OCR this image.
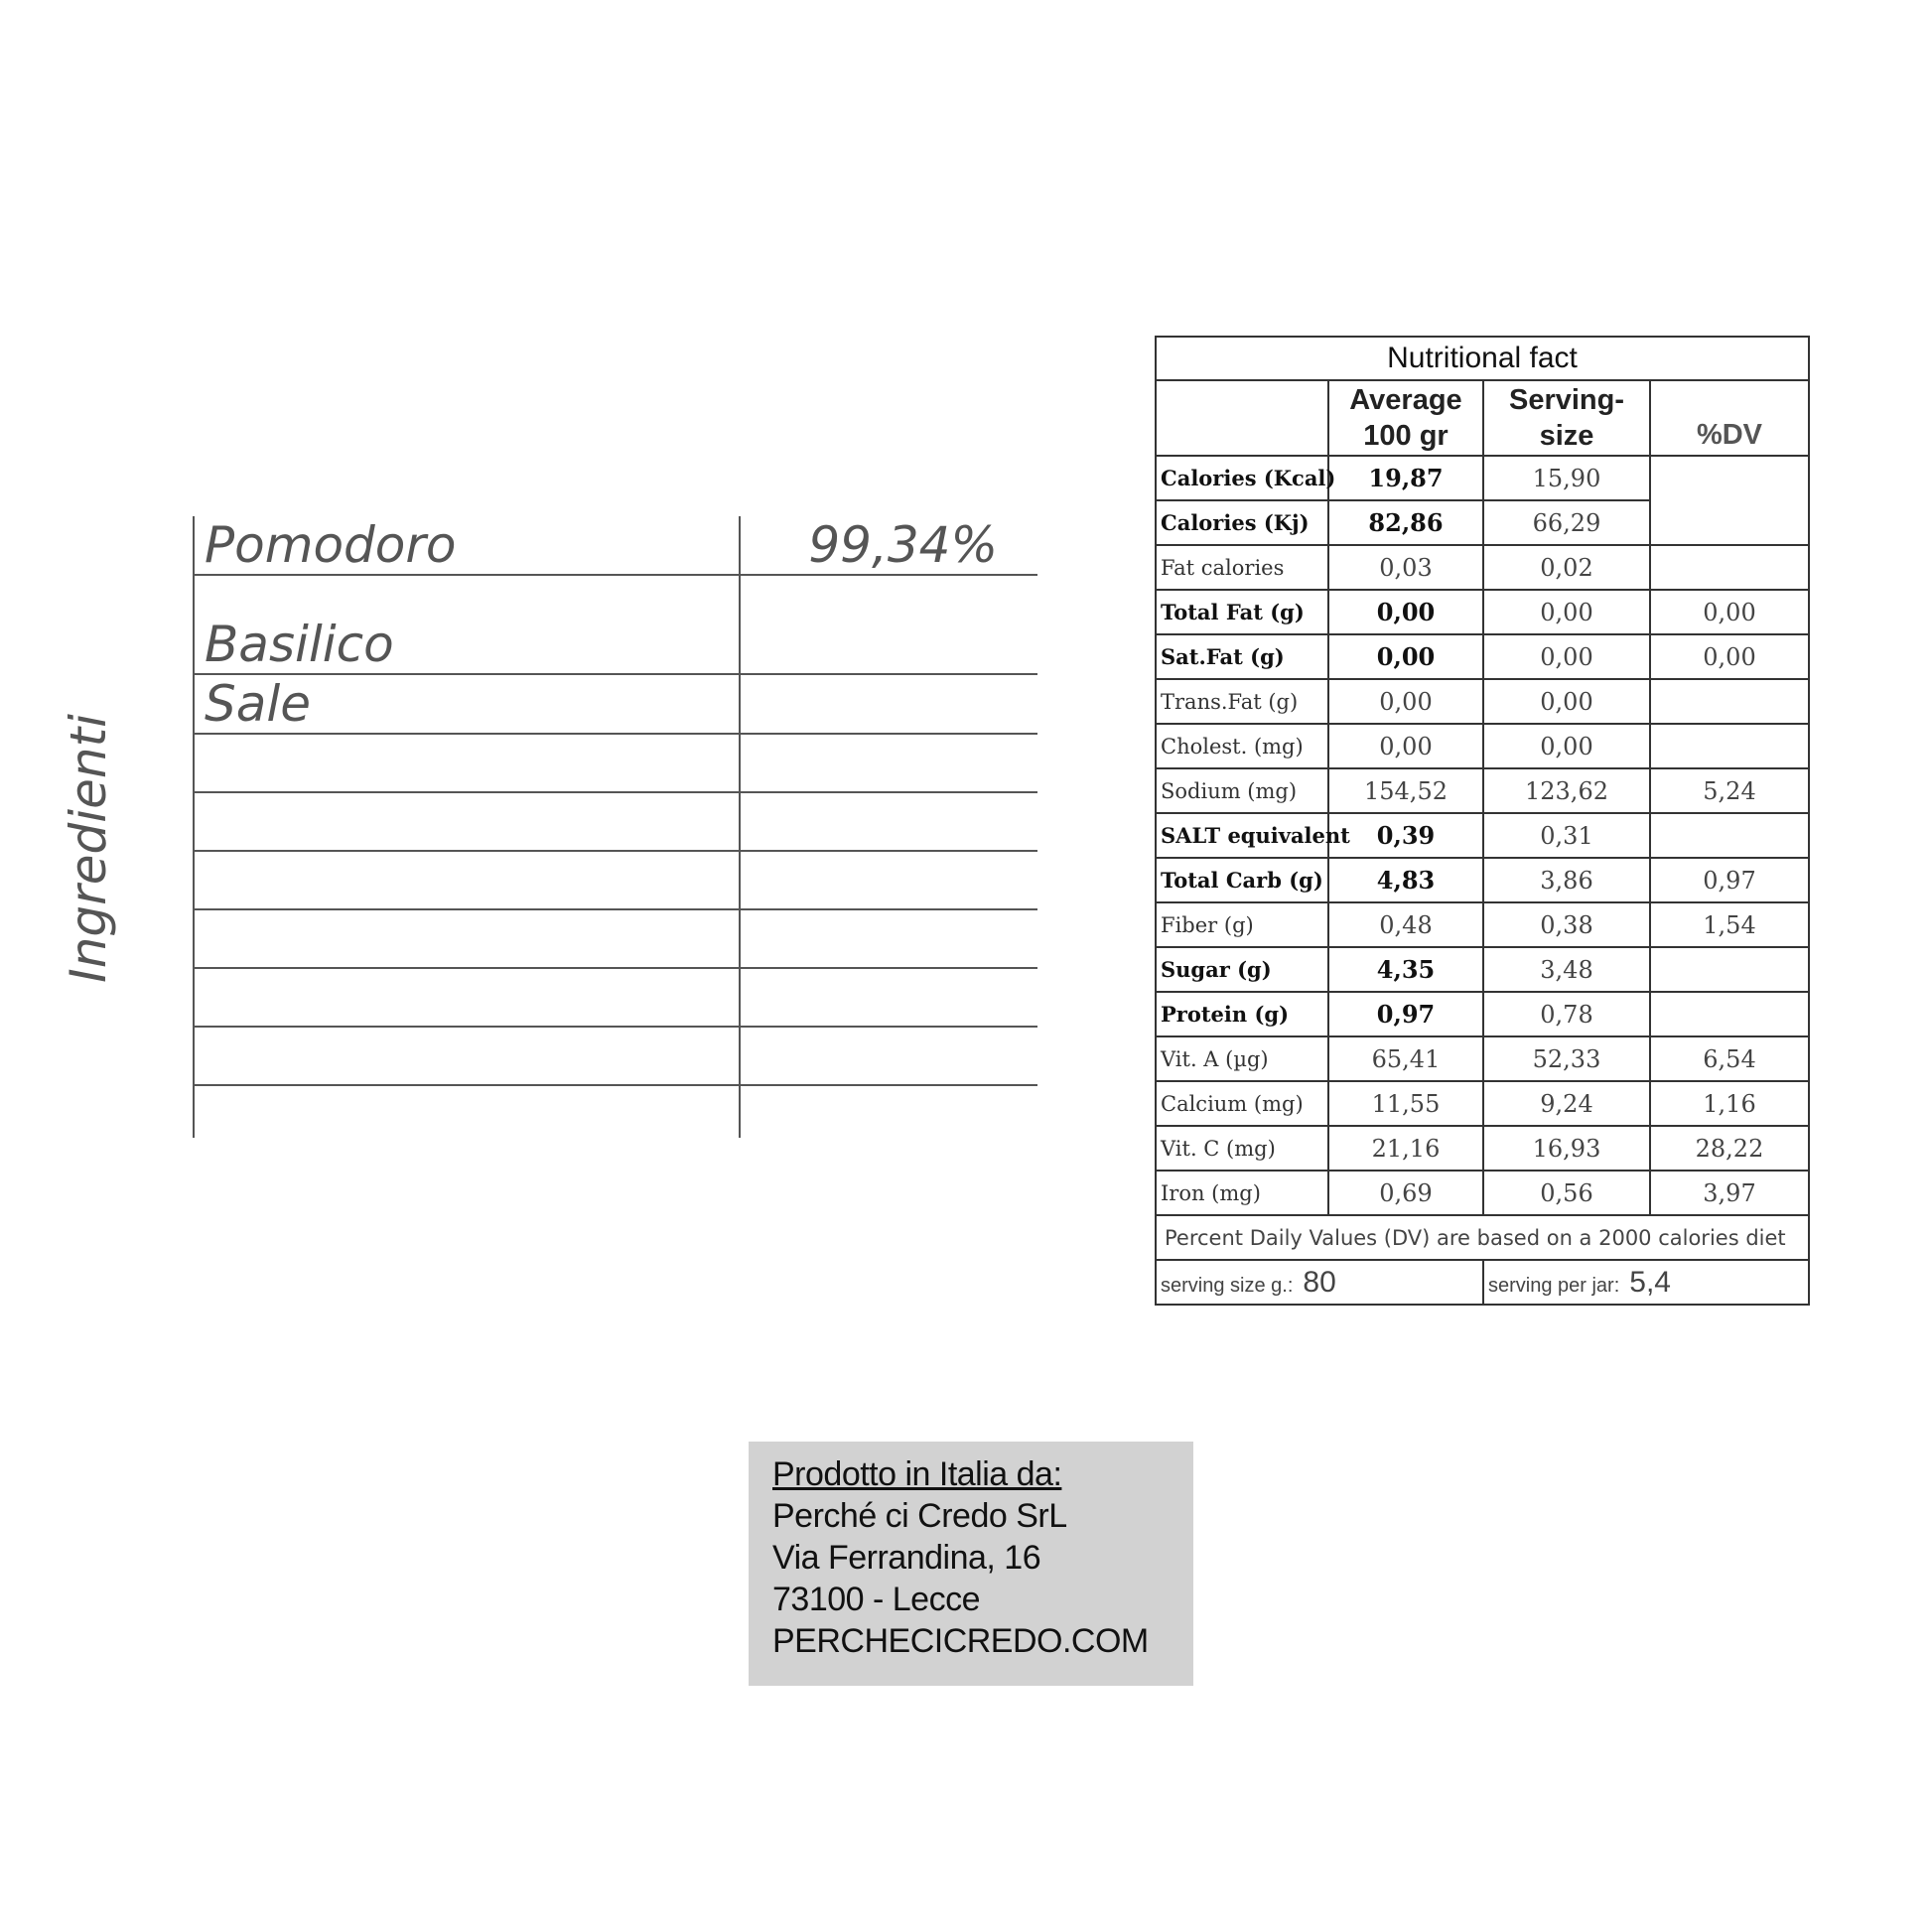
Ingredienti
Pomodoro	99,34%
Basilico	
Sale	

Nutritional fact			
	Average 100 gr	Serving-size	%DV
Calories (Kcal)	19,87	15,90	
Calories (Kj)	82,86	66,29	
Fat calories	0,03	0,02	
Total Fat (g)	0,00	0,00	0,00
Sat.Fat (g)	0,00	0,00	0,00
Trans.Fat (g)	0,00	0,00	
Cholest. (mg)	0,00	0,00	
Sodium (mg)	154,52	123,62	5,24
SALT equivalent	0,39	0,31	
Total Carb (g)	4,83	3,86	0,97
Fiber (g)	0,48	0,38	1,54
Sugar (g)	4,35	3,48	
Protein (g)	0,97	0,78	
Vit. A (µg)	65,41	52,33	6,54
Calcium (mg)	11,55	9,24	1,16
Vit. C (mg)	21,16	16,93	28,22
Iron (mg)	0,69	0,56	3,97
Percent Daily Values (DV) are based on a 2000 calories diet			
serving size g.: 80		serving per jar: 5,4	
Prodotto in Italia da:
Perché ci Credo SrL
Via Ferrandina, 16
73100 - Lecce
PERCHECICREDO.COM
